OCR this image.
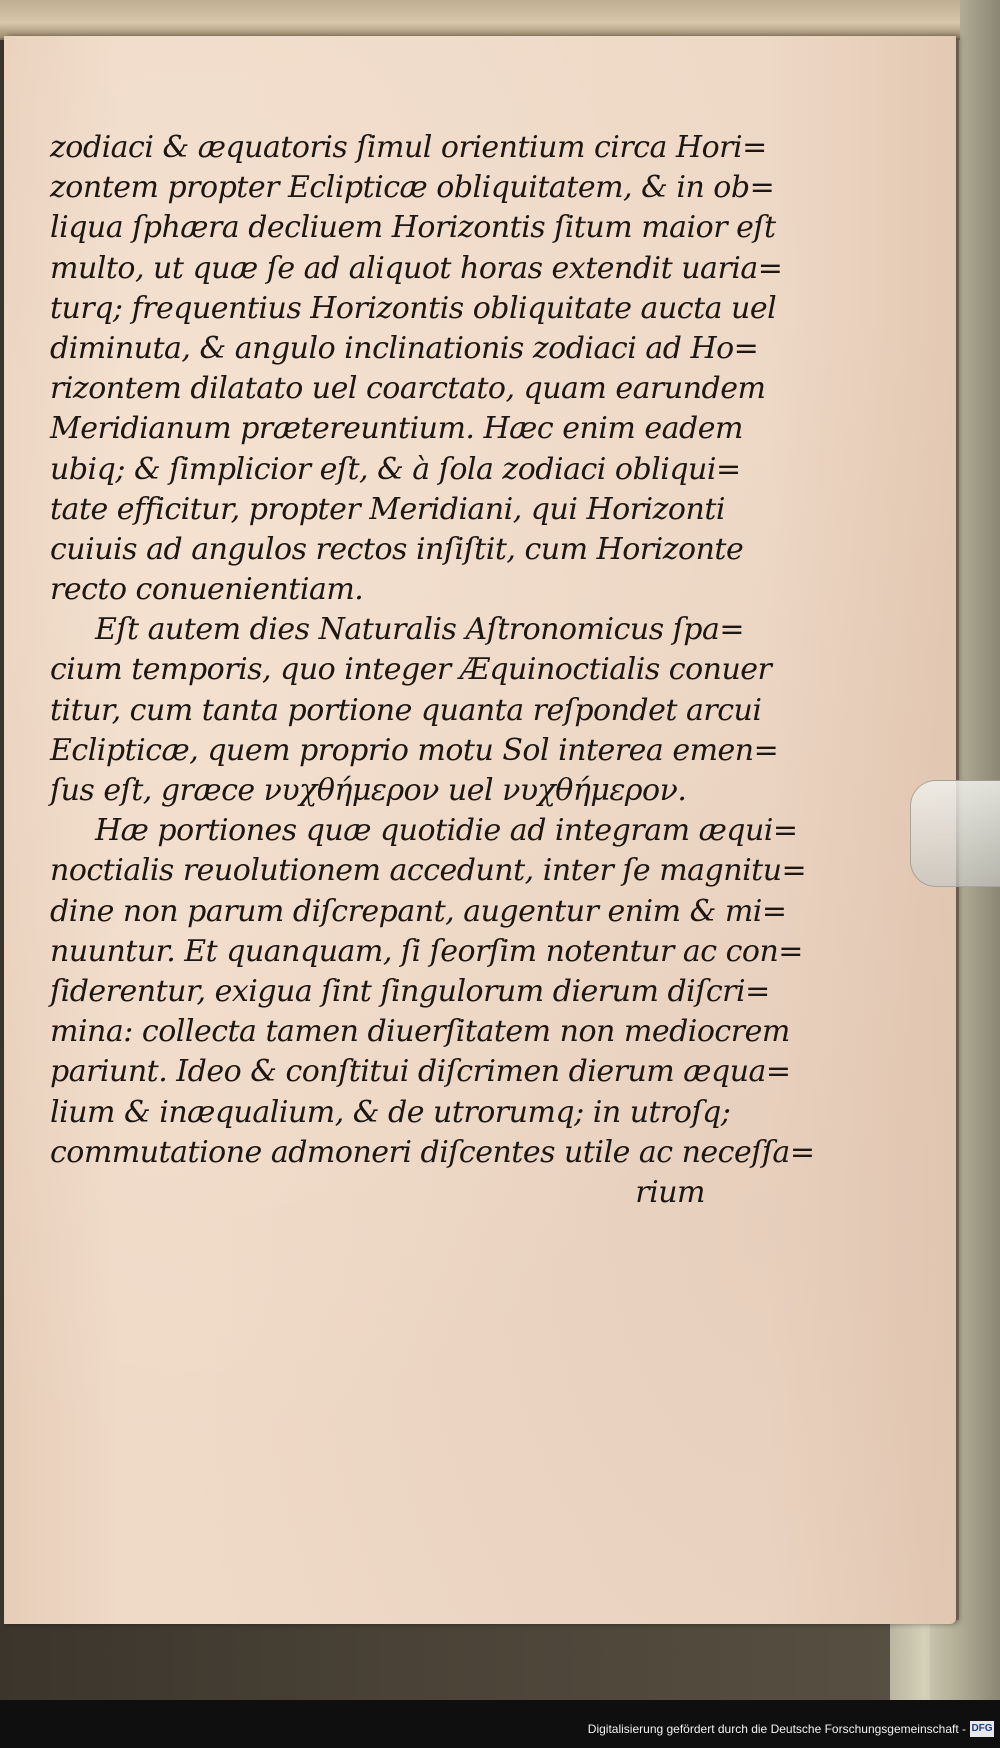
zodiaci & æquatoris ſimul orientium circa Hori=
zontem propter Eclipticæ obliquitatem, & in ob=
liqua ſphæra decliuem Horizontis ſitum maior eſt
multo, ut quæ ſe ad aliquot horas extendit uaria=
turq; frequentius Horizontis obliquitate aucta uel
diminuta, & angulo inclinationis zodiaci ad Ho=
rizontem dilatato uel coarctato, quam earundem
Meridianum prætereuntium. Hæc enim eadem
ubiq; & ſimplicior eſt, & à ſola zodiaci obliqui=
tate efficitur, propter Meridiani, qui Horizonti
cuiuis ad angulos rectos inſiſtit, cum Horizonte
recto conuenientiam.
Eſt autem dies Naturalis Aſtronomicus ſpa=
cium temporis, quo integer Æquinoctialis conuer
titur, cum tanta portione quanta reſpondet arcui
Eclipticæ, quem proprio motu Sol interea emen=
ſus eſt, græce νυχθήμερον uel νυχθήμερον.
Hæ portiones quæ quotidie ad integram æqui=
noctialis reuolutionem accedunt, inter ſe magnitu=
dine non parum diſcrepant, augentur enim & mi=
nuuntur. Et quanquam, ſi ſeorſim notentur ac con=
ſiderentur, exigua ſint ſingulorum dierum diſcri=
mina: collecta tamen diuerſitatem non mediocrem
pariunt. Ideo & conſtitui diſcrimen dierum æqua=
lium & inæqualium, & de utrorumq; in utroſq;
commutatione admoneri diſcentes utile ac neceſſa=
rium
Digitalisierung gefördert durch die Deutsche Forschungsgemeinschaft - DFG
